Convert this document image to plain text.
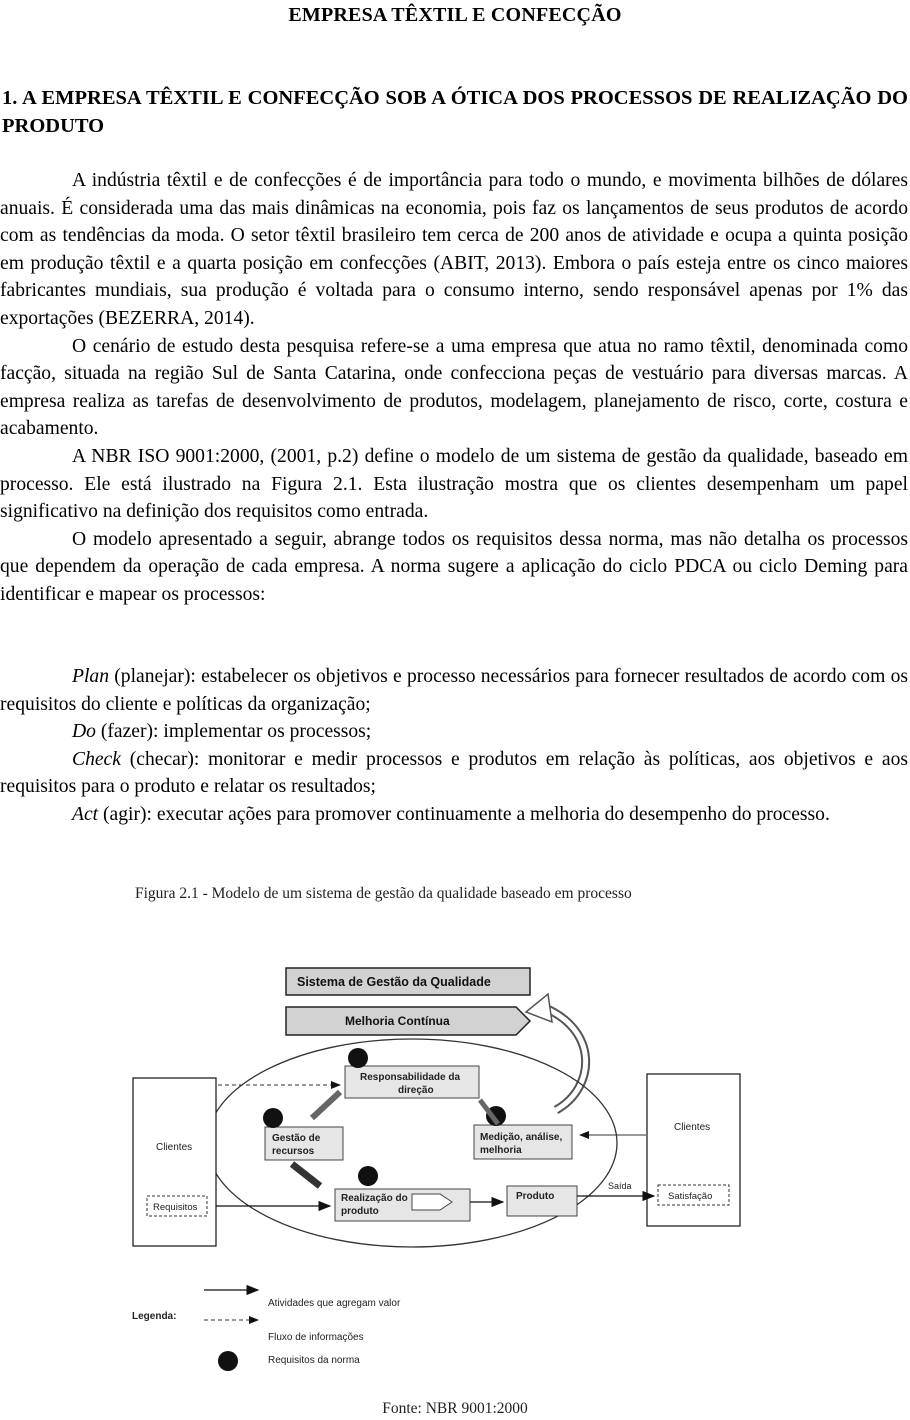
EMPRESA TÊXTIL E CONFECÇÃO
1. A EMPRESA TÊXTIL E CONFECÇÃO SOB A ÓTICA DOS PROCESSOS DE REALIZAÇÃO DO PRODUTO

A indústria têxtil e de confecções é de importância para todo o mundo, e movimenta bilhões de dólares anuais. É considerada uma das mais dinâmicas na economia, pois faz os lançamentos de seus produtos de acordo com as tendências da moda. O setor têxtil brasileiro tem cerca de 200 anos de atividade e ocupa a quinta posição em produção têxtil e a quarta posição em confecções (ABIT, 2013). Embora o país esteja entre os cinco maiores fabricantes mundiais, sua produção é voltada para o consumo interno, sendo responsável apenas por 1% das exportações (BEZERRA, 2014).

O cenário de estudo desta pesquisa refere-se a uma empresa que atua no ramo têxtil, denominada como facção, situada na região Sul de Santa Catarina, onde confecciona peças de vestuário para diversas marcas. A empresa realiza as tarefas de desenvolvimento de produtos, modelagem, planejamento de risco, corte, costura e acabamento.

A NBR ISO 9001:2000, (2001, p.2) define o modelo de um sistema de gestão da qualidade, baseado em processo. Ele está ilustrado na Figura 2.1. Esta ilustração mostra que os clientes desempenham um papel significativo na definição dos requisitos como entrada.

O modelo apresentado a seguir, abrange todos os requisitos dessa norma, mas não detalha os processos que dependem da operação de cada empresa. A norma sugere a aplicação do ciclo PDCA ou ciclo Deming para identificar e mapear os processos:

Plan (planejar): estabelecer os objetivos e processo necessários para fornecer resultados de acordo com os requisitos do cliente e políticas da organização;

Do (fazer): implementar os processos;

Check (checar): monitorar e medir processos e produtos em relação às políticas, aos objetivos e aos requisitos para o produto e relatar os resultados;

Act (agir): executar ações para promover continuamente a melhoria do desempenho do processo.

Figura 2.1 - Modelo de um sistema de gestão da qualidade baseado em processo
Sistema de Gestão da Qualidade
Melhoria Contínua
Clientes
Requisitos
Clientes
Satisfação
Responsabilidade da
direção
Gestão de
recursos
Medição, análise,
melhoria
Realização do
produto
Produto
Saída
Legenda:
Atividades que agregam valor
Fluxo de informações
Requisitos da norma
Fonte: NBR 9001:2000
